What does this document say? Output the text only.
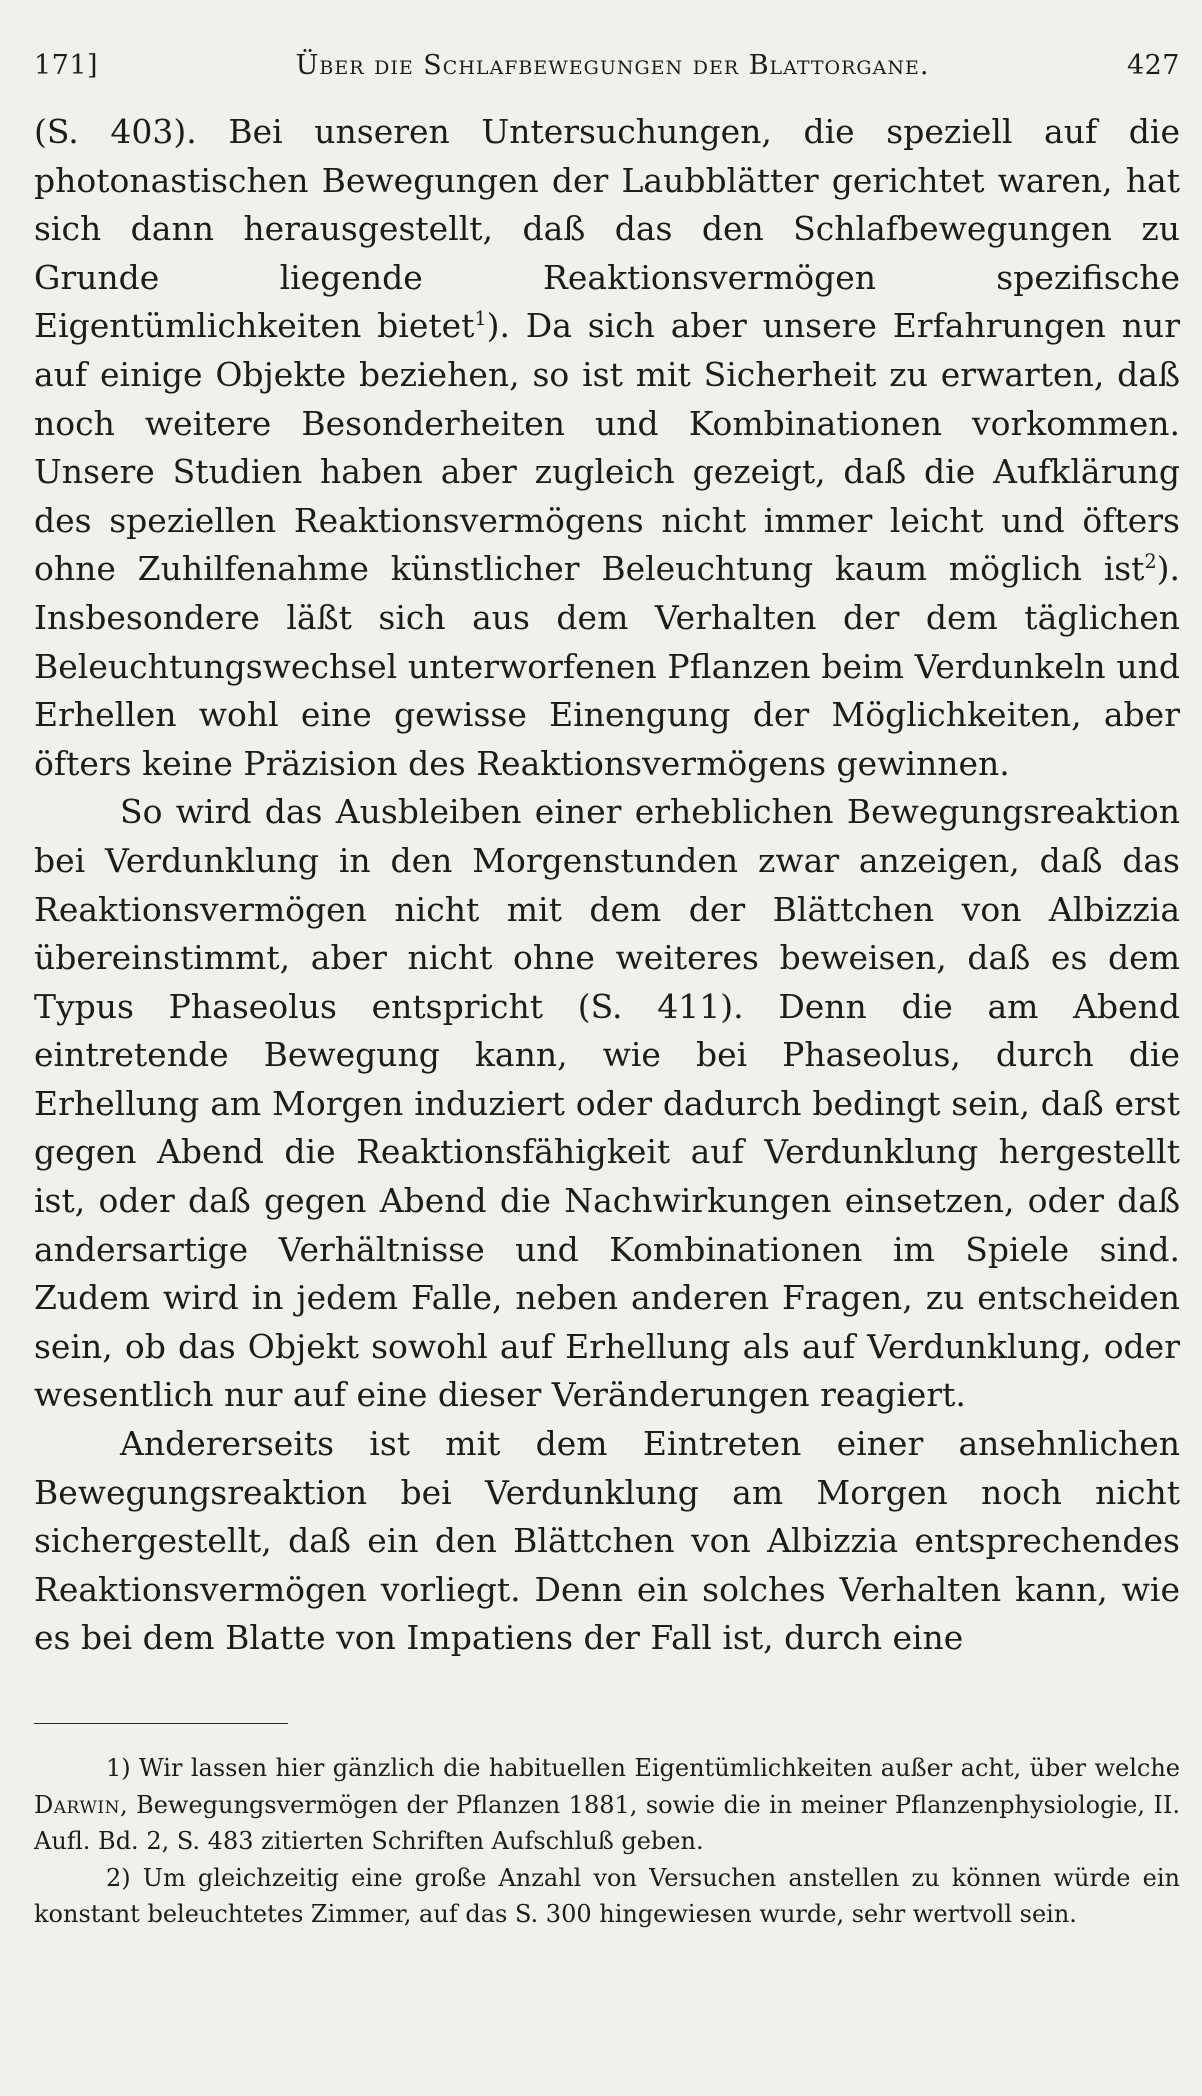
171]	Über die Schlafbewegungen der Blattorgane.	427

(S. 403). Bei unseren Untersuchungen, die speziell auf die photonastischen Bewegungen der Laubblätter gerichtet waren, hat sich dann herausgestellt, daß das den Schlafbewegungen zu Grunde liegende Reaktionsvermögen spezifische Eigentümlichkeiten bietet$^1$). Da sich aber unsere Erfahrungen nur auf einige Objekte beziehen, so ist mit Sicherheit zu erwarten, daß noch weitere Besonderheiten und Kombinationen vorkommen. Unsere Studien haben aber zugleich gezeigt, daß die Aufklärung des speziellen Reaktionsvermögens nicht immer leicht und öfters ohne Zuhilfenahme künstlicher Beleuchtung kaum möglich ist$^2$). Insbesondere läßt sich aus dem Verhalten der dem täglichen Beleuchtungswechsel unterworfenen Pflanzen beim Verdunkeln und Erhellen wohl eine gewisse Einengung der Möglichkeiten, aber öfters keine Präzision des Reaktionsvermögens gewinnen.

So wird das Ausbleiben einer erheblichen Bewegungsreaktion bei Verdunklung in den Morgenstunden zwar anzeigen, daß das Reaktionsvermögen nicht mit dem der Blättchen von Albizzia übereinstimmt, aber nicht ohne weiteres beweisen, daß es dem Typus Phaseolus entspricht (S. 411). Denn die am Abend eintretende Bewegung kann, wie bei Phaseolus, durch die Erhellung am Morgen induziert oder dadurch bedingt sein, daß erst gegen Abend die Reaktionsfähigkeit auf Verdunklung hergestellt ist, oder daß gegen Abend die Nachwirkungen einsetzen, oder daß andersartige Verhältnisse und Kombinationen im Spiele sind. Zudem wird in jedem Falle, neben anderen Fragen, zu entscheiden sein, ob das Objekt sowohl auf Erhellung als auf Verdunklung, oder wesentlich nur auf eine dieser Veränderungen reagiert.

Andererseits ist mit dem Eintreten einer ansehnlichen Bewegungsreaktion bei Verdunklung am Morgen noch nicht sichergestellt, daß ein den Blättchen von Albizzia entsprechendes Reaktionsvermögen vorliegt. Denn ein solches Verhalten kann, wie es bei dem Blatte von Impatiens der Fall ist, durch eine

1) Wir lassen hier gänzlich die habituellen Eigentümlichkeiten außer acht, über welche Darwin, Bewegungsvermögen der Pflanzen 1881, sowie die in meiner Pflanzenphysiologie, II. Aufl. Bd. 2, S. 483 zitierten Schriften Aufschluß geben.

2) Um gleichzeitig eine große Anzahl von Versuchen anstellen zu können würde ein konstant beleuchtetes Zimmer, auf das S. 300 hingewiesen wurde, sehr wertvoll sein.
